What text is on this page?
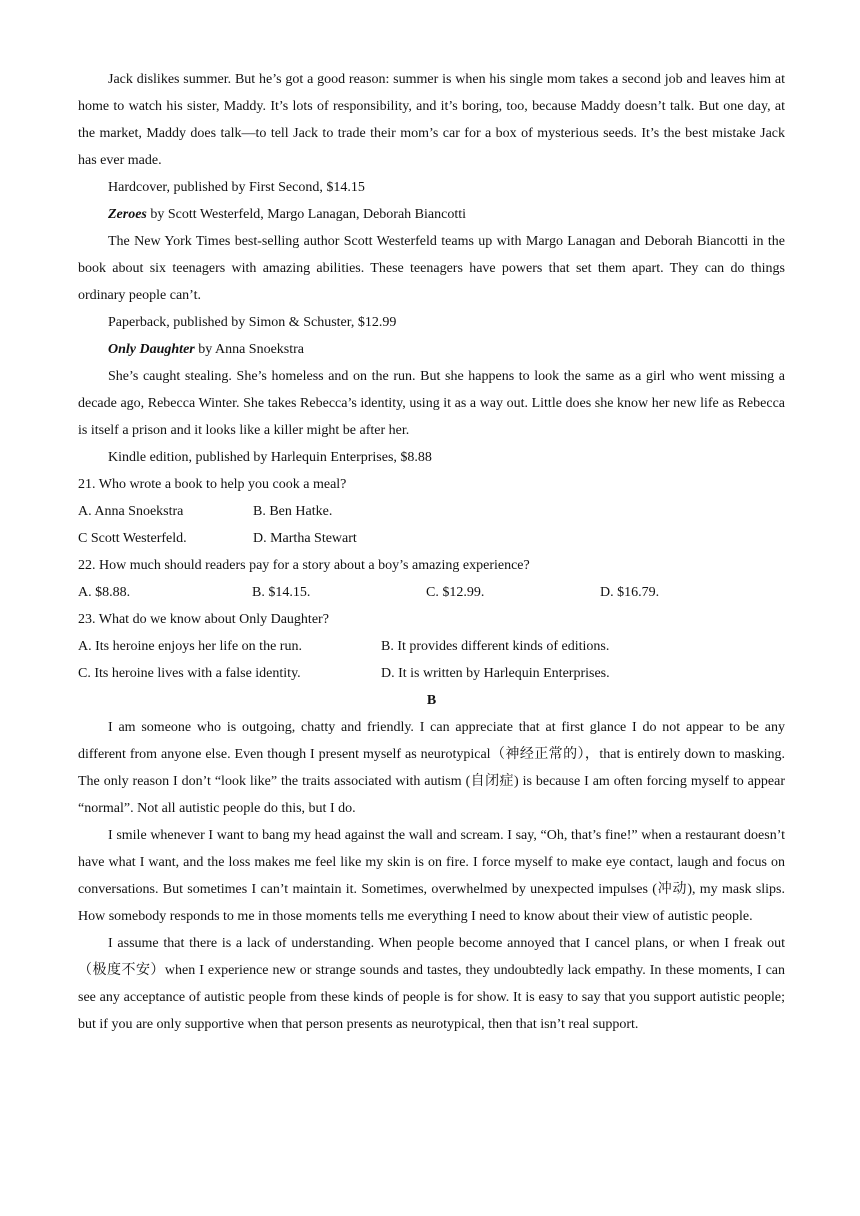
Jack dislikes summer. But he’s got a good reason: summer is when his single mom takes a second job and leaves him at home to watch his sister, Maddy. It’s lots of responsibility, and it’s boring, too, because Maddy doesn’t talk. But one day, at the market, Maddy does talk—to tell Jack to trade their mom’s car for a box of mysterious seeds. It’s the best mistake Jack has ever made.

Hardcover, published by First Second, $14.15

Zeroes by Scott Westerfeld, Margo Lanagan, Deborah Biancotti

The New York Times best-selling author Scott Westerfeld teams up with Margo Lanagan and Deborah Biancotti in the book about six teenagers with amazing abilities. These teenagers have powers that set them apart. They can do things ordinary people can’t.

Paperback, published by Simon & Schuster, $12.99

Only Daughter by Anna Snoekstra

She’s caught stealing. She’s homeless and on the run. But she happens to look the same as a girl who went missing a decade ago, Rebecca Winter. She takes Rebecca’s identity, using it as a way out. Little does she know her new life as Rebecca is itself a prison and it looks like a killer might be after her.

Kindle edition, published by Harlequin Enterprises, $8.88

21. Who wrote a book to help you cook a meal?

A. Anna Snoekstra	B. Ben Hatke.
C Scott Westerfeld.	D. Martha Stewart

22. How much should readers pay for a story about a boy’s amazing experience?

A. $8.88.	B. $14.15.	C. $12.99.	D. $16.79.

23. What do we know about Only Daughter?

A. Its heroine enjoys her life on the run.	B. It provides different kinds of editions.
C. Its heroine lives with a false identity.	D. It is written by Harlequin Enterprises.
B

I am someone who is outgoing, chatty and friendly. I can appreciate that at first glance I do not appear to be any different from anyone else. Even though I present myself as neurotypical（神经正常的），that is entirely down to masking. The only reason I don’t “look like” the traits associated with autism (自闭症) is because I am often forcing myself to appear “normal”. Not all autistic people do this, but I do.

I smile whenever I want to bang my head against the wall and scream. I say, “Oh, that’s fine!” when a restaurant doesn’t have what I want, and the loss makes me feel like my skin is on fire. I force myself to make eye contact, laugh and focus on conversations. But sometimes I can’t maintain it. Sometimes, overwhelmed by unexpected impulses (冲动), my mask slips. How somebody responds to me in those moments tells me everything I need to know about their view of autistic people.

I assume that there is a lack of understanding. When people become annoyed that I cancel plans, or when I freak out（极度不安）when I experience new or strange sounds and tastes, they undoubtedly lack empathy. In these moments, I can see any acceptance of autistic people from these kinds of people is for show. It is easy to say that you support autistic people; but if you are only supportive when that person presents as neurotypical, then that isn’t real support.
